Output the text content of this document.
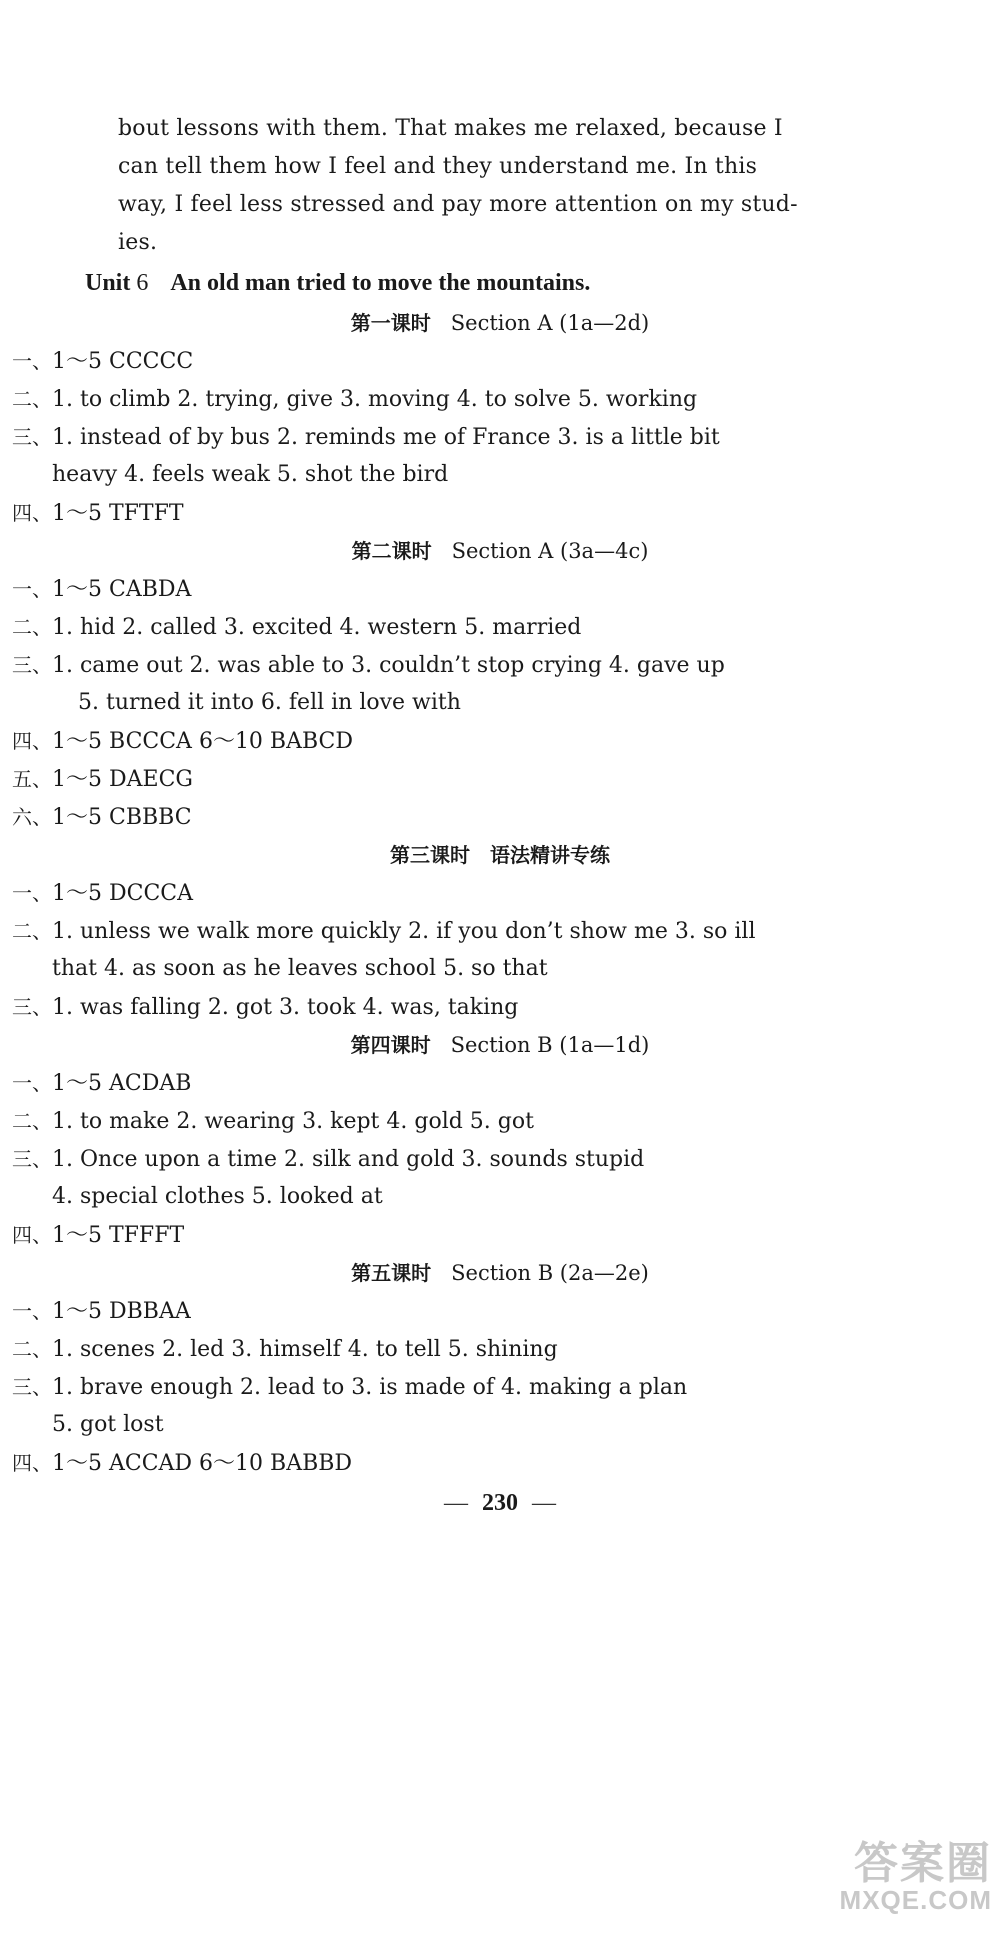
bout lessons with them. That makes me relaxed, because I
can tell them how I feel and they understand me. In this
way, I feel less stressed and pay more attention on my stud-
ies.
Unit 6 An old man tried to move the mountains.
第一课时 Section A (1a—2d)
一、1～5 CCCCC
二、1. to climb 2. trying, give 3. moving 4. to solve 5. working
三、1. instead of by bus 2. reminds me of France 3. is a little bit
heavy 4. feels weak 5. shot the bird
四、1～5 TFTFT
第二课时 Section A (3a—4c)
一、1～5 CABDA
二、1. hid 2. called 3. excited 4. western 5. married
三、1. came out 2. was able to 3. couldn’t stop crying 4. gave up
5. turned it into 6. fell in love with
四、1～5 BCCCA 6～10 BABCD
五、1～5 DAECG
六、1～5 CBBBC
第三课时 语法精讲专练
一、1～5 DCCCA
二、1. unless we walk more quickly 2. if you don’t show me 3. so ill
that 4. as soon as he leaves school 5. so that
三、1. was falling 2. got 3. took 4. was, taking
第四课时 Section B (1a—1d)
一、1～5 ACDAB
二、1. to make 2. wearing 3. kept 4. gold 5. got
三、1. Once upon a time 2. silk and gold 3. sounds stupid
4. special clothes 5. looked at
四、1～5 TFFFT
第五课时 Section B (2a—2e)
一、1～5 DBBAA
二、1. scenes 2. led 3. himself 4. to tell 5. shining
三、1. brave enough 2. lead to 3. is made of 4. making a plan
5. got lost
四、1～5 ACCAD 6～10 BABBD
— 230 —
答案圈
MXQE.COM
